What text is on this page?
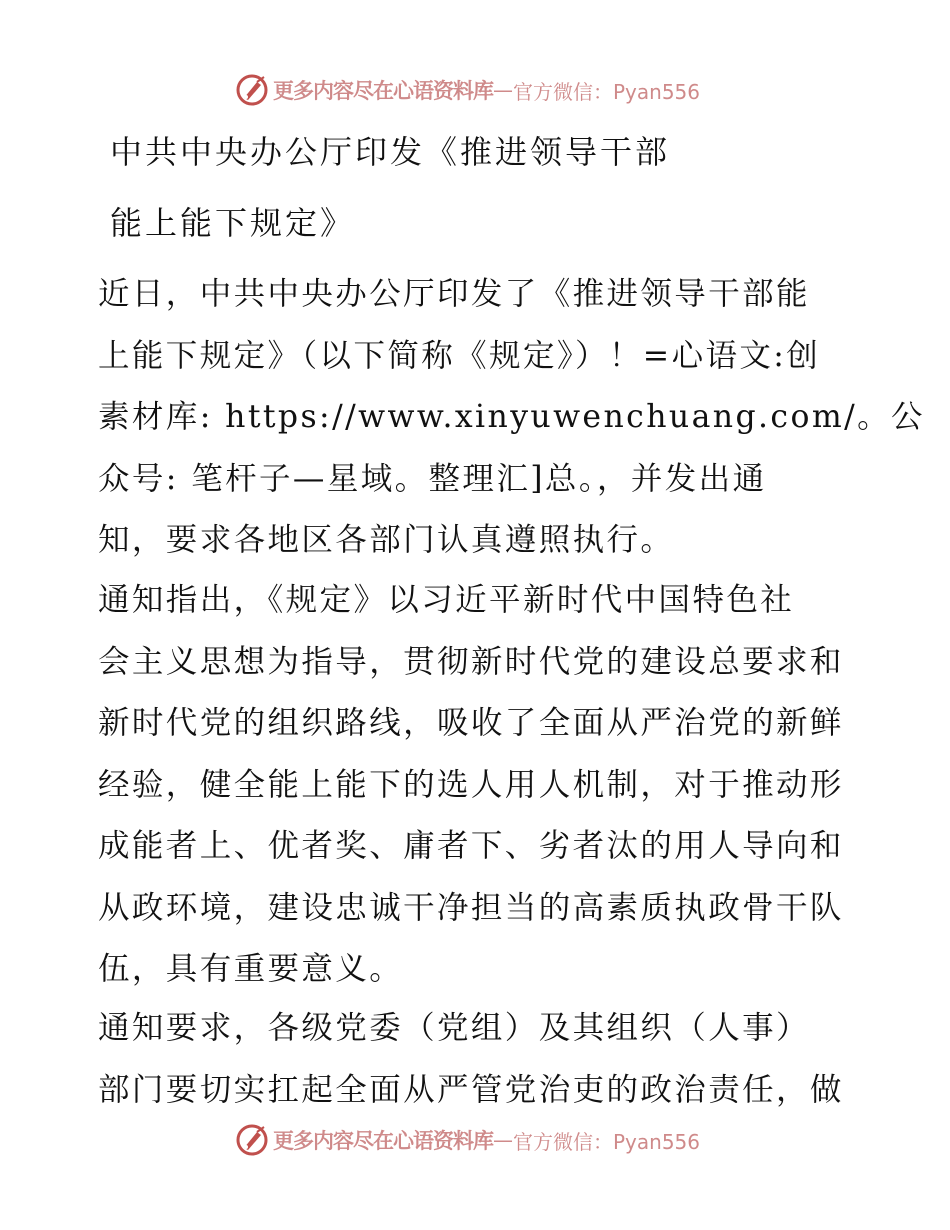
更多内容尽在心语资料库 — 官方微信：Pyan556
中共中央办公厅印发《推进领导干部
能上能下规定》
近日，中共中央办公厅印发了《推进领导干部能
上能下规定》（以下简称《规定》）！=心语文:创
素材库: https://www.xinyuwenchuang.com/。公
众号: 笔杆子—星域。整理汇]总。，并发出通
知，要求各地区各部门认真遵照执行。
通知指出，《规定》以习近平新时代中国特色社
会主义思想为指导，贯彻新时代党的建设总要求和
新时代党的组织路线，吸收了全面从严治党的新鲜
经验，健全能上能下的选人用人机制，对于推动形
成能者上、优者奖、庸者下、劣者汰的用人导向和
从政环境，建设忠诚干净担当的高素质执政骨干队
伍，具有重要意义。
通知要求，各级党委（党组）及其组织（人事）
部门要切实扛起全面从严管党治吏的政治责任，做
更多内容尽在心语资料库 — 官方微信：Pyan556
